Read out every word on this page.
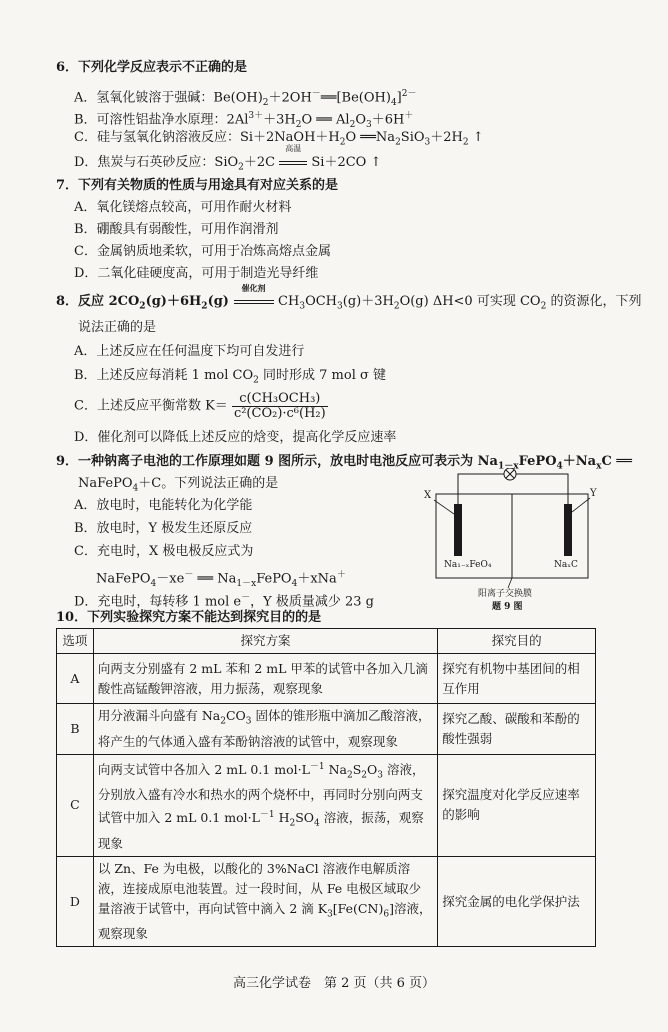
6．下列化学反应表示不正确的是
A．氢氧化铍溶于强碱：$Be(OH)_2+2OH^-══[Be(OH)_4]^{2-}$
B．可溶性铝盐净水原理：$2Al^{3+}+3H_2O$ ══ $Al_2O_3+6H^+$
C．硅与氢氧化钠溶液反应：$Si+2NaOH+H_2O$ $══Na_2SiO_3+2H_2$ ↑
D．焦炭与石英砂反应：SiO$_2$＋2C
高温
Si＋2CO ↑
7．下列有关物质的性质与用途具有对应关系的是
A．氧化镁熔点较高，可用作耐火材料
B．硼酸具有弱酸性，可用作润滑剂
C．金属钠质地柔软，可用于冶炼高熔点金属
D．二氧化硅硬度高，可用于制造光导纤维
8．反应 $2CO_2(g)+6H_2(g)$
催化剂
$CH_3OCH_3(g)+3H_2O(g)$ ΔH<0 可实现 $CO_2$ 的资源化，下列
说法正确的是
A．上述反应在任何温度下均可自发进行
B．上述反应每消耗 1 mol $CO_2$ 同时形成 7 mol σ 键
C．上述反应平衡常数 $K= \frac{\text{c(CH₃OCH₃)}}{\text{c²(CO₂)·c⁶(H₂)}}$
D．催化剂可以降低上述反应的焓变，提高化学反应速率
9．一种钠离子电池的工作原理如题 9 图所示，放电时电池反应可表示为 $Na_{1-x}FePO_4+Na_xC$ ══
NaFePO$_4$＋C。下列说法正确的是
A．放电时，电能转化为化学能
B．放电时，Y 极发生还原反应
C．充电时，X 极电极反应式为
NaFePO$_4$－xe－ ══ $Na_{1-x}FePO_4+xNa^+$
D．充电时，每转移 1 mol e－，Y 极质量减少 23 g
X	Y
Na₁₋ₓFeO₄	NaₓC
阳离子交换膜
题 9 图
10．下列实验探究方案不能达到探究目的的是
选项	探究方案	探究目的
A	向两支分别盛有 2 mL 苯和 2 mL 甲苯的试管中各加入几滴酸性高锰酸钾溶液，用力振荡，观察现象	探究有机物中基团间的相互作用
B	用分液漏斗向盛有 $Na_2CO_3$ 固体的锥形瓶中滴加乙酸溶液，将产生的气体通入盛有苯酚钠溶液的试管中，观察现象	探究乙酸、碳酸和苯酚的酸性强弱
C	向两支试管中各加入 2 mL 0.1 $mol\cdot L^{-1}$ $Na_2S_2O_3$ 溶液，分别放入盛有冷水和热水的两个烧杯中，再同时分别向两支试管中加入 2 mL 0.1 $mol\cdot L^{-1}$ $H_2SO_4$ 溶液，振荡，观察现象	探究温度对化学反应速率的影响
D	以 Zn、Fe 为电极，以酸化的 3%NaCl 溶液作电解质溶液，连接成原电池装置。过一段时间，从 Fe 电极区域取少量溶液于试管中，再向试管中滴入 2 滴 $K_3[Fe(CN)_6]$溶液，观察现象	探究金属的电化学保护法
高三化学试卷　第 2 页（共 6 页）
